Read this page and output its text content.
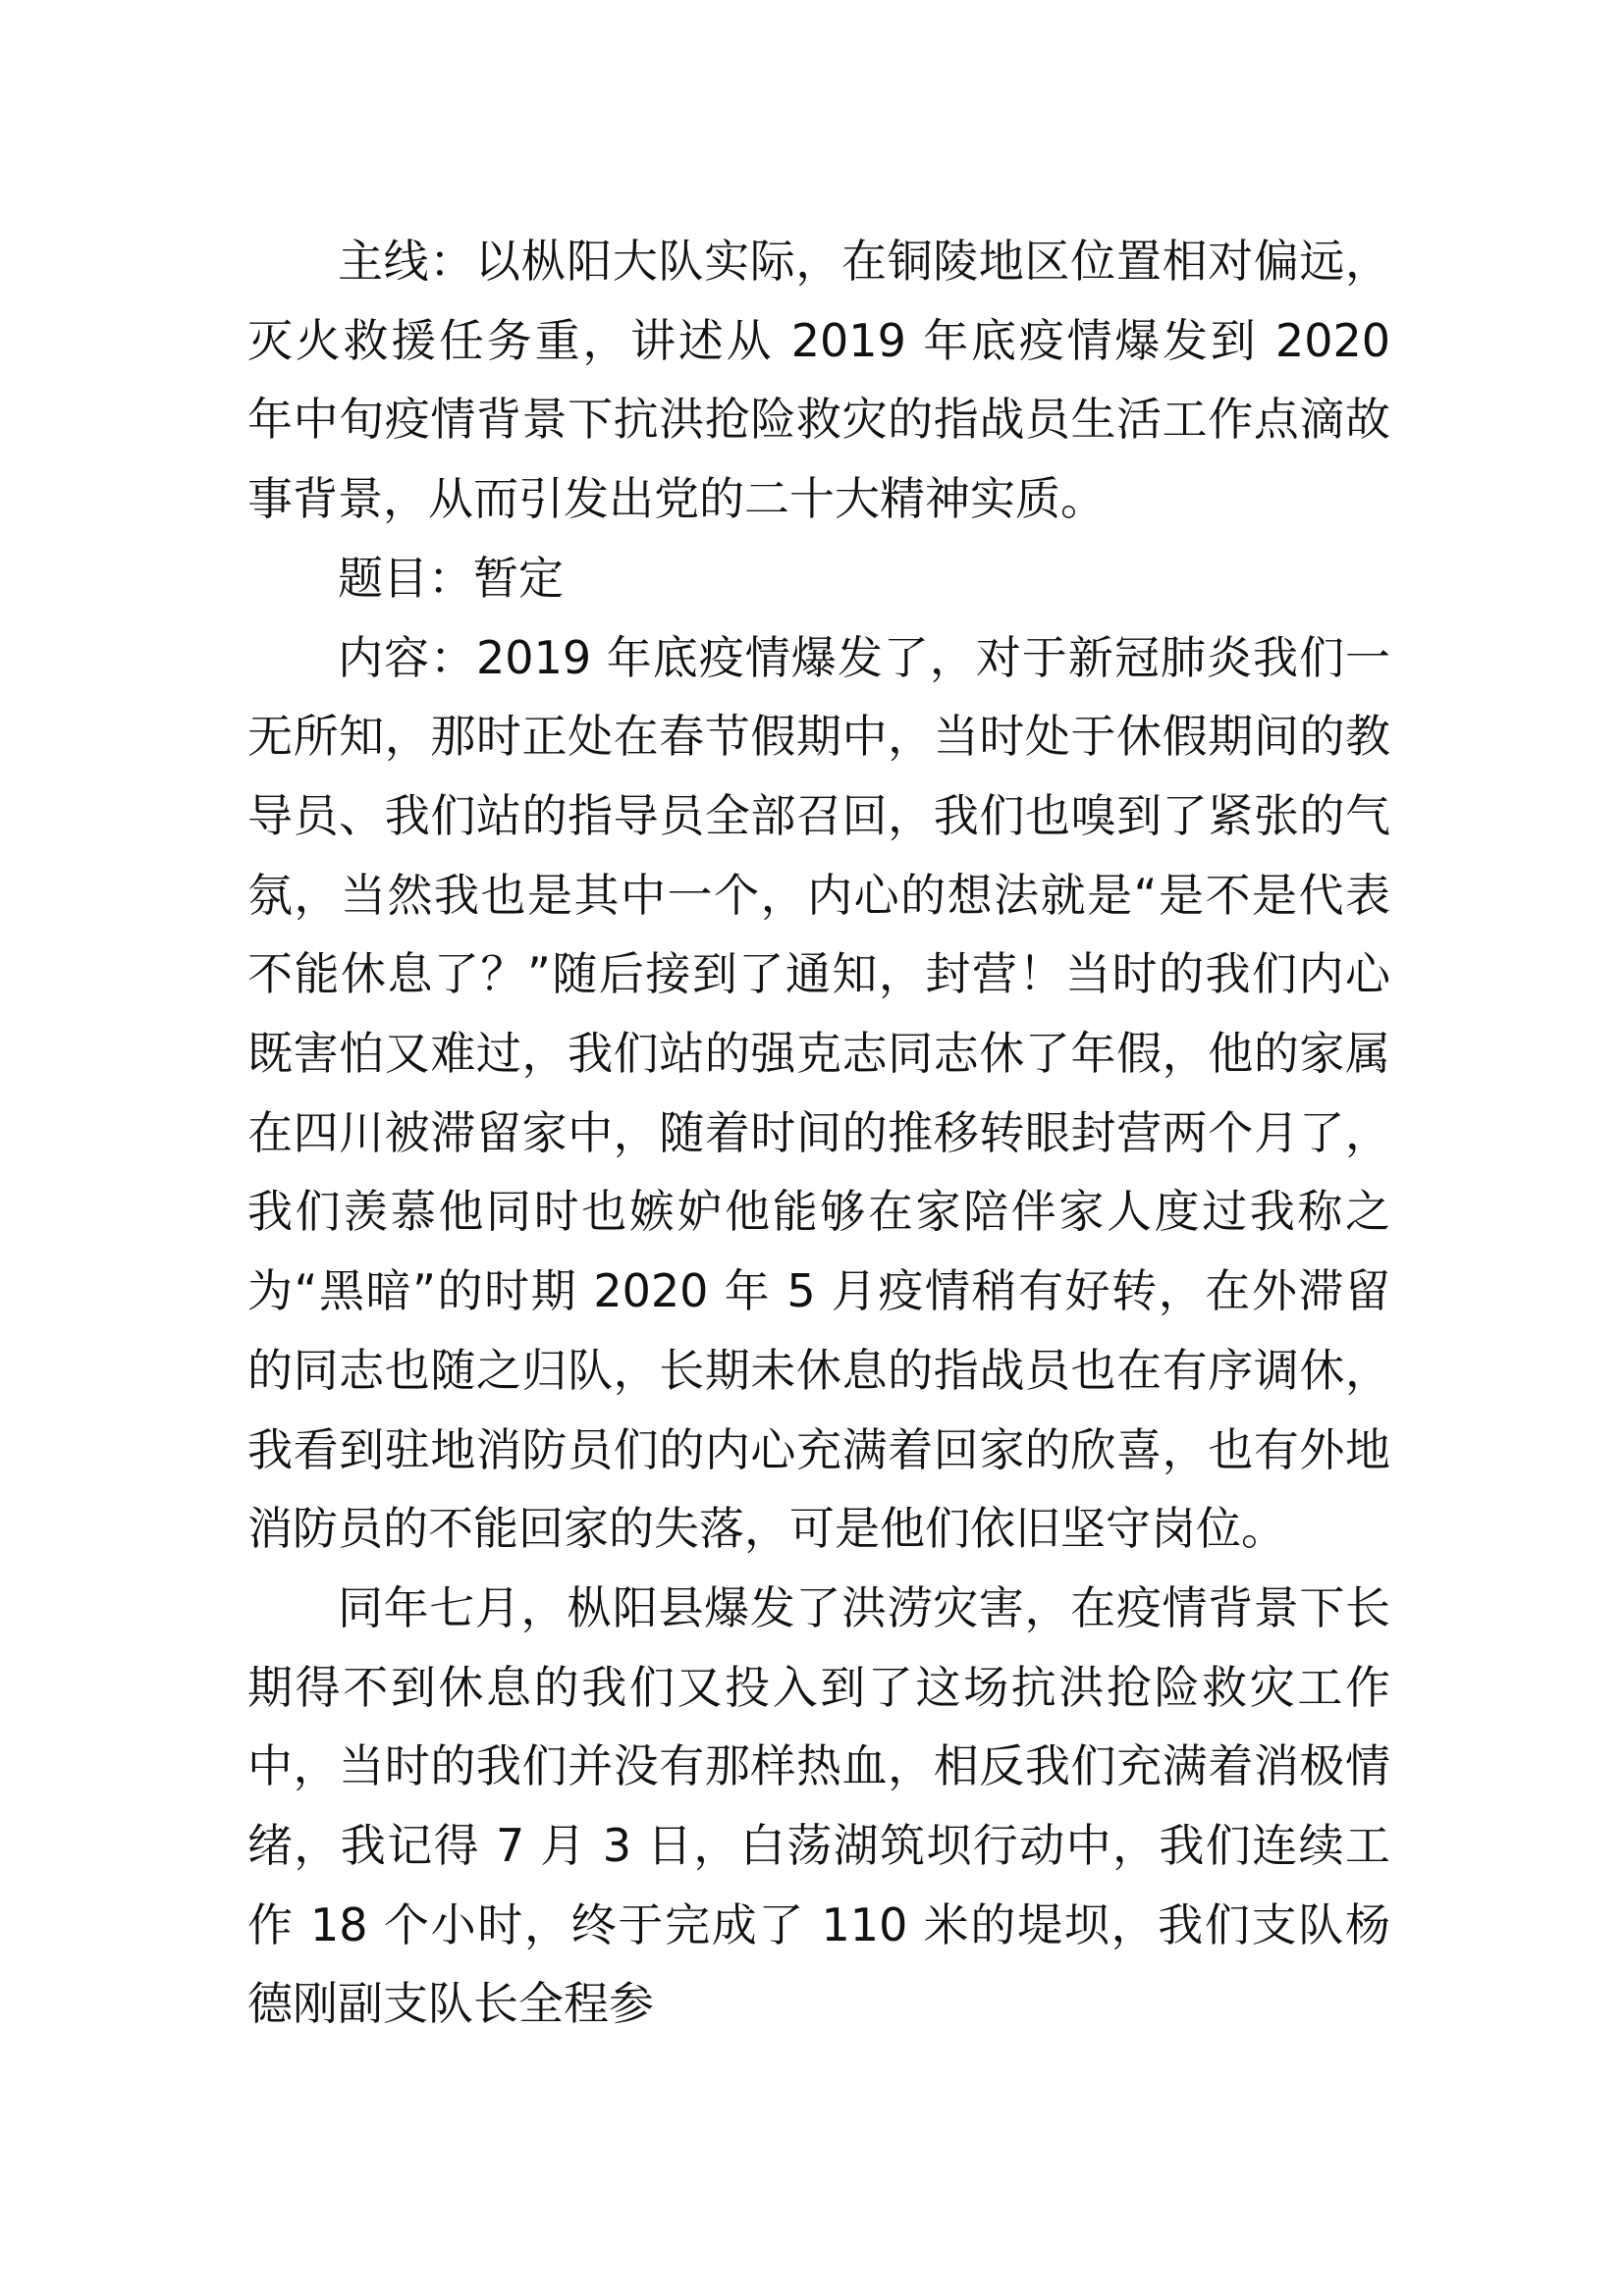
主线：以枞阳大队实际，在铜陵地区位置相对偏远，灭火救援任务重，讲述从 2019 年底疫情爆发到 2020 年中旬疫情背景下抗洪抢险救灾的指战员生活工作点滴故事背景，从而引发出党的二十大精神实质。

题目：暂定

内容：2019 年底疫情爆发了，对于新冠肺炎我们一无所知，那时正处在春节假期中，当时处于休假期间的教导员、我们站的指导员全部召回，我们也嗅到了紧张的气氛，当然我也是其中一个，内心的想法就是“是不是代表不能休息了？”随后接到了通知，封营！当时的我们内心既害怕又难过，我们站的强克志同志休了年假，他的家属在四川被滞留家中，随着时间的推移转眼封营两个月了，我们羡慕他同时也嫉妒他能够在家陪伴家人度过我称之为“黑暗”的时期 2020 年 5 月疫情稍有好转，在外滞留的同志也随之归队，长期未休息的指战员也在有序调休，我看到驻地消防员们的内心充满着回家的欣喜，也有外地消防员的不能回家的失落，可是他们依旧坚守岗位。

同年七月，枞阳县爆发了洪涝灾害，在疫情背景下长期得不到休息的我们又投入到了这场抗洪抢险救灾工作中，当时的我们并没有那样热血，相反我们充满着消极情绪，我记得 7 月 3 日，白荡湖筑坝行动中，我们连续工作 18 个小时，终于完成了 110 米的堤坝，我们支队杨德刚副支队长全程参
